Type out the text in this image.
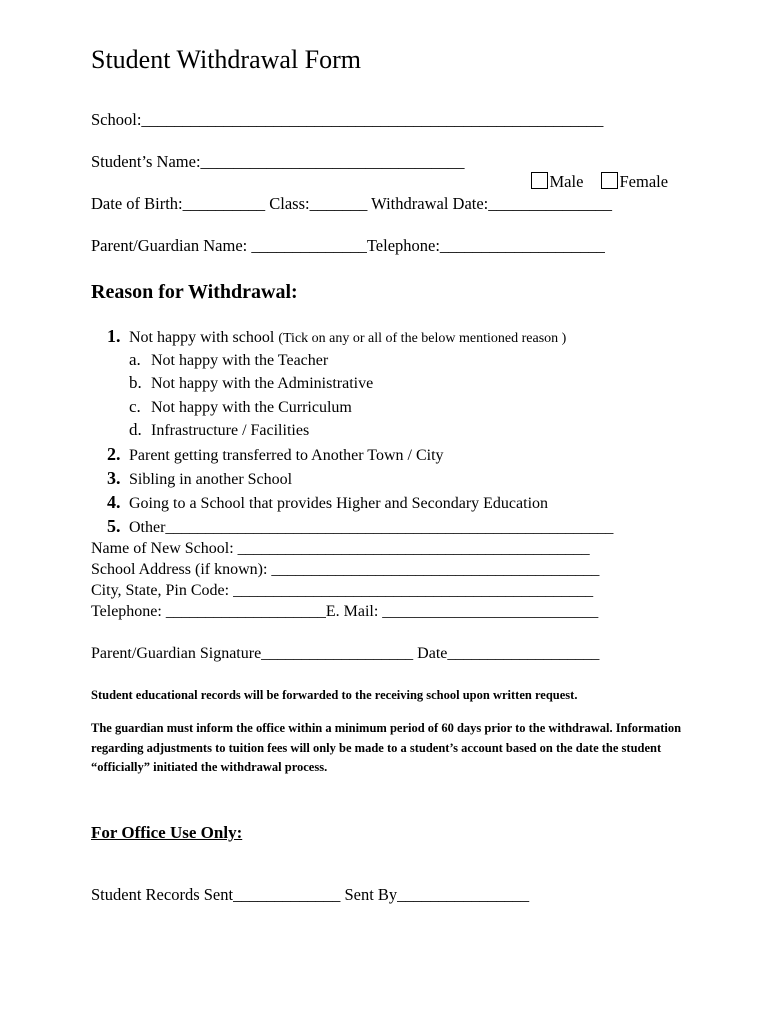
Student Withdrawal Form
School:________________________________________________________
Student’s Name:________________________________

Male
	Female

Date of Birth:__________ Class:_______ Withdrawal Date:_______________
Parent/Guardian Name: ______________Telephone:____________________
Reason for Withdrawal:

1. Not happy with school (Tick on any or all of the below mentioned reason )

a. Not happy with the Teacher

b. Not happy with the Administrative

c. Not happy with the Curriculum

d. Infrastructure / Facilities

2. Parent getting transferred to Another Town / City

3. Sibling in another School

4. Going to a School that provides Higher and Secondary Education

5. Other________________________________________________________

Name of New School: ____________________________________________
School Address (if known): _________________________________________
City, State, Pin Code: _____________________________________________
Telephone: ____________________E. Mail: ___________________________
Parent/Guardian Signature___________________ Date___________________
Student educational records will be forwarded to the receiving school upon written request.
The guardian must inform the office within a minimum period of 60 days prior to the withdrawal. Information regarding adjustments to tuition fees will only be made to a student’s account based on the date the student “officially” initiated the withdrawal process.
For Office Use Only:
Student Records Sent_____________ Sent By________________
